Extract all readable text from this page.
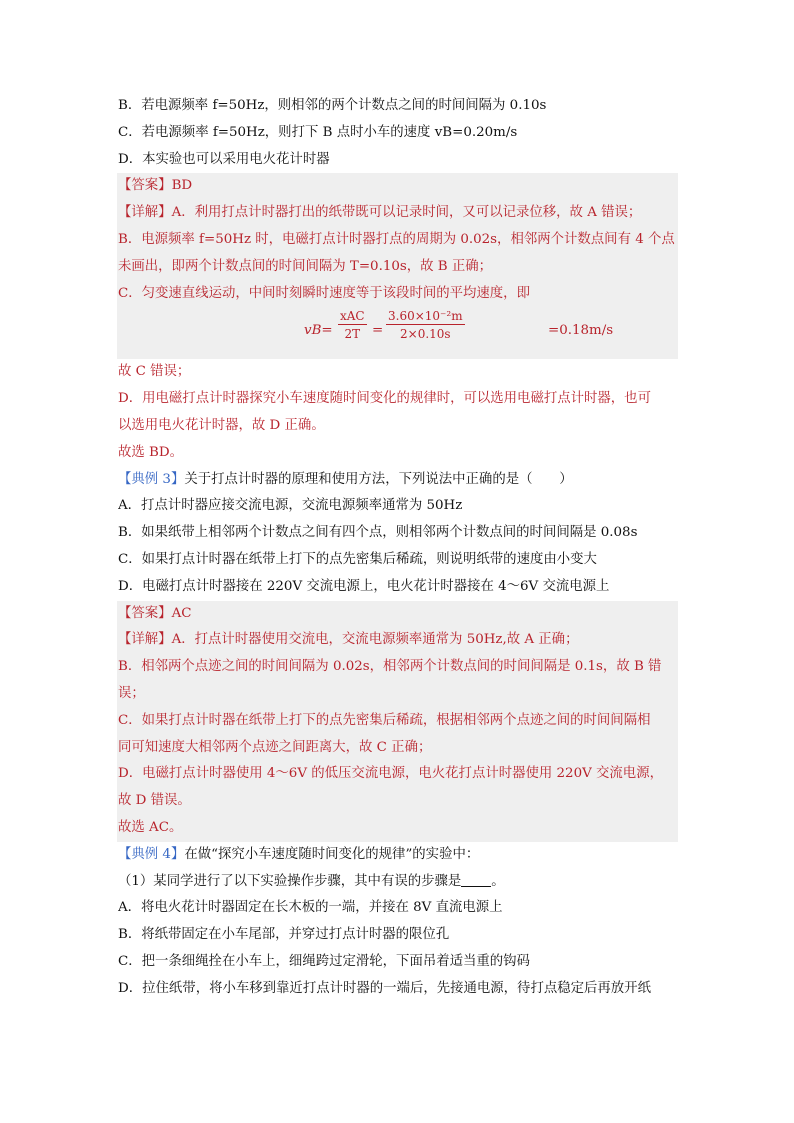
B．若电源频率 f=50Hz，则相邻的两个计数点之间的时间间隔为 0.10s
C．若电源频率 f=50Hz，则打下 B 点时小车的速度 vB=0.20m/s
D．本实验也可以采用电火花计时器
【答案】BD
【详解】A．利用打点计时器打出的纸带既可以记录时间，又可以记录位移，故 A 错误；
B．电源频率 f=50Hz 时，电磁打点计时器打点的周期为 0.02s，相邻两个计数点间有 4 个点
未画出，即两个计数点间的时间间隔为 T=0.10s，故 B 正确；
C．匀变速直线运动，中间时刻瞬时速度等于该段时间的平均速度，即
vB=
xAC
$2T = \frac{\text{3.60×10⁻²m}}{2\times 0.10s}$	=0.18m/s
故 C 错误；
D．用电磁打点计时器探究小车速度随时间变化的规律时，可以选用电磁打点计时器，也可
以选用电火花计时器，故 D 正确。
故选 BD。
【典例 3】关于打点计时器的原理和使用方法，下列说法中正确的是（　　）
A．打点计时器应接交流电源，交流电源频率通常为 50Hz
B．如果纸带上相邻两个计数点之间有四个点，则相邻两个计数点间的时间间隔是 0.08s
C．如果打点计时器在纸带上打下的点先密集后稀疏，则说明纸带的速度由小变大
D．电磁打点计时器接在 220V 交流电源上，电火花计时器接在 4～6V 交流电源上
【答案】AC
【详解】A．打点计时器使用交流电，交流电源频率通常为 50Hz,故 A 正确；
B．相邻两个点迹之间的时间间隔为 0.02s，相邻两个计数点间的时间间隔是 0.1s，故 B 错
误；
C．如果打点计时器在纸带上打下的点先密集后稀疏，根据相邻两个点迹之间的时间间隔相
同可知速度大相邻两个点迹之间距离大，故 C 正确；
D．电磁打点计时器使用 4～6V 的低压交流电源，电火花打点计时器使用 220V 交流电源，
故 D 错误。
故选 AC。
【典例 4】在做“探究小车速度随时间变化的规律”的实验中：
（1）某同学进行了以下实验操作步骤，其中有误的步骤是 。
A．将电火花计时器固定在长木板的一端，并接在 8V 直流电源上
B．将纸带固定在小车尾部，并穿过打点计时器的限位孔
C．把一条细绳拴在小车上，细绳跨过定滑轮，下面吊着适当重的钩码
D．拉住纸带，将小车移到靠近打点计时器的一端后，先接通电源，待打点稳定后再放开纸
